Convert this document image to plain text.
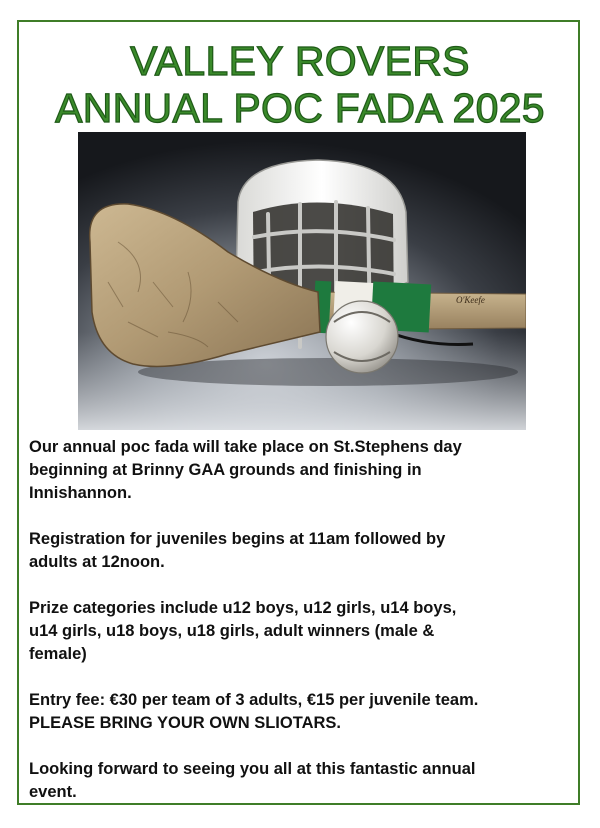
VALLEY ROVERS
ANNUAL POC FADA 2025
O'Keefe

Our annual poc fada will take place on St.Stephens day
beginning at Brinny GAA grounds and finishing in
Innishannon.

Registration for juveniles begins at 11am followed by
adults at 12noon.

Prize categories include u12 boys, u12 girls, u14 boys,
u14 girls, u18 boys, u18 girls, adult winners (male &
female)

Entry fee: €30 per team of 3 adults, €15 per juvenile team.
PLEASE BRING YOUR OWN SLIOTARS.

Looking forward to seeing you all at this fantastic annual
event.
